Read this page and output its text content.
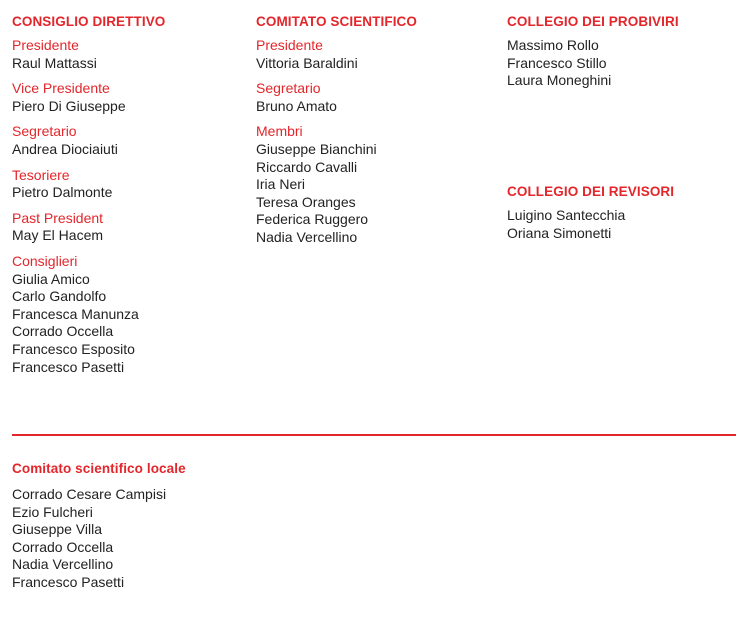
CONSIGLIO DIRETTIVO
Presidente
Raul Mattassi
Vice Presidente
Piero Di Giuseppe
Segretario
Andrea Diociaiuti
Tesoriere
Pietro Dalmonte
Past President
May El Hacem
Consiglieri
Giulia Amico
Carlo Gandolfo
Francesca Manunza
Corrado Occella
Francesco Esposito
Francesco Pasetti
COMITATO SCIENTIFICO
Presidente
Vittoria Baraldini
Segretario
Bruno Amato
Membri
Giuseppe Bianchini
Riccardo Cavalli
Iria Neri
Teresa Oranges
Federica Ruggero
Nadia Vercellino
COLLEGIO DEI PROBIVIRI
Massimo Rollo
Francesco Stillo
Laura Moneghini
COLLEGIO DEI REVISORI
Luigino Santecchia
Oriana Simonetti
Comitato scientifico locale
Corrado Cesare Campisi
Ezio Fulcheri
Giuseppe Villa
Corrado Occella
Nadia Vercellino
Francesco Pasetti
